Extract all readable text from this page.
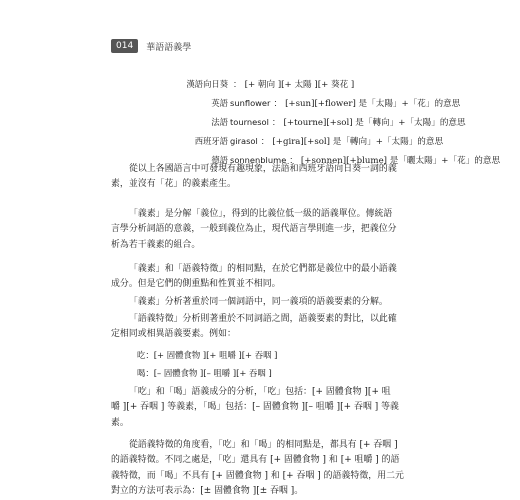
014	華語語義學
漢語向日葵 ： [+ 朝向 ][+ 太陽 ][+ 葵花 ]
英語 sunflower ： [+sun][+flower] 是「太陽」+「花」的意思
法語 tournesol ： [+tourne][+sol] 是「轉向」+「太陽」的意思
西班牙語 girasol ： [+gira][+sol] 是「轉向」+「太陽」的意思
德語 sonnenblume ： [+sonnen][+blume] 是「曬太陽」+「花」的意思
從以上各國語言中可發現有趣現象，法語和西班牙語向日葵一詞的義
素，並沒有「花」的義素產生。
「義素」是分解「義位」，得到的比義位低一級的語義單位。傳統語
言學分析詞語的意義，一般到義位為止，現代語言學則進一步，把義位分
析為若干義素的組合。
「義素」和「語義特徵」的相同點，在於它們都是義位中的最小語義
成分。但是它們的側重點和性質並不相同。
「義素」分析著重於同一個詞語中，同一義項的語義要素的分解。
「語義特徵」分析則著重於不同詞語之間，語義要素的對比，以此確
定相同或相異語義要素。例如：
吃：[+ 固體食物 ][+ 咀嚼 ][+ 吞咽 ]
喝：[– 固體食物 ][– 咀嚼 ][+ 吞咽 ]
「吃」和「喝」語義成分的分析，「吃」包括：[+ 固體食物 ][+ 咀
嚼 ][+ 吞咽 ] 等義素，「喝」包括：[– 固體食物 ][– 咀嚼 ][+ 吞咽 ] 等義
素。
從語義特徵的角度看，「吃」和「喝」的相同點是，都具有 [+ 吞咽 ]
的語義特徵。不同之處是，「吃」還具有 [+ 固體食物 ] 和 [+ 咀嚼 ] 的語
義特徵，而「喝」不具有 [+ 固體食物 ] 和 [+ 吞咽 ] 的語義特徵，用二元
對立的方法可表示為：[± 固體食物 ][± 吞咽 ]。
